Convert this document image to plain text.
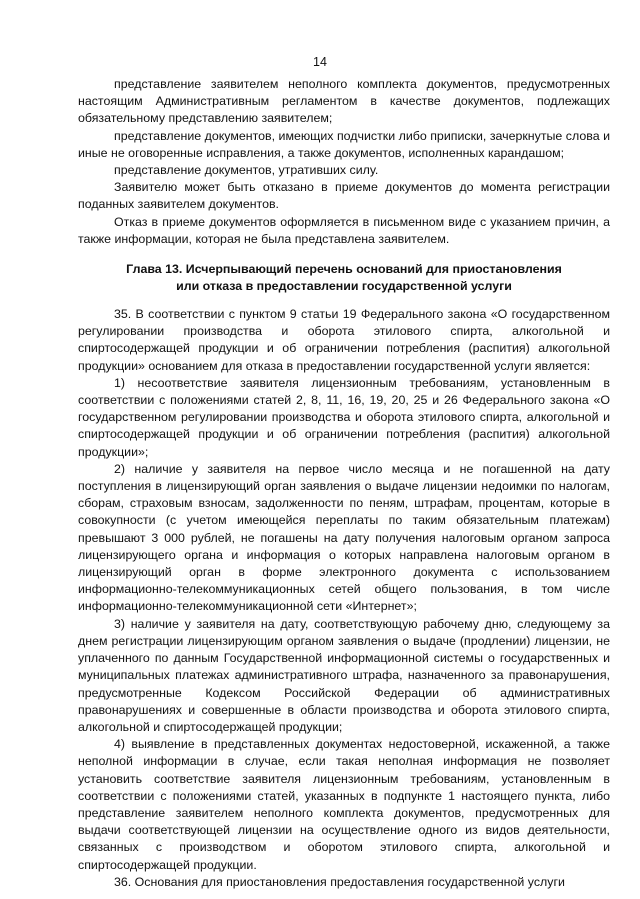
14

представление заявителем неполного комплекта документов, предусмотренных настоящим Административным регламентом в качестве документов, подлежащих обязательному представлению заявителем;

представление документов, имеющих подчистки либо приписки, зачеркнутые слова и иные не оговоренные исправления, а также документов, исполненных карандашом;

представление документов, утративших силу.

Заявителю может быть отказано в приеме документов до момента регистрации поданных заявителем документов.

Отказ в приеме документов оформляется в письменном виде с указанием причин, а также информации, которая не была представлена заявителем.

Глава 13. Исчерпывающий перечень оснований для приостановления
или отказа в предоставлении государственной услуги

35. В соответствии с пунктом 9 статьи 19 Федерального закона «О государственном регулировании производства и оборота этилового спирта, алкогольной и спиртосодержащей продукции и об ограничении потребления (распития) алкогольной продукции» основанием для отказа в предоставлении государственной услуги является:

1) несоответствие заявителя лицензионным требованиям, установленным в соответствии с положениями статей 2, 8, 11, 16, 19, 20, 25 и 26 Федерального закона «О государственном регулировании производства и оборота этилового спирта, алкогольной и спиртосодержащей продукции и об ограничении потребления (распития) алкогольной продукции»;

2) наличие у заявителя на первое число месяца и не погашенной на дату поступления в лицензирующий орган заявления о выдаче лицензии недоимки по налогам, сборам, страховым взносам, задолженности по пеням, штрафам, процентам, которые в совокупности (с учетом имеющейся переплаты по таким обязательным платежам) превышают 3 000 рублей, не погашены на дату получения налоговым органом запроса лицензирующего органа и информация о которых направлена налоговым органом в лицензирующий орган в форме электронного документа с использованием информационно-телекоммуникационных сетей общего пользования, в том числе информационно-телекоммуникационной сети «Интернет»;

3) наличие у заявителя на дату, соответствующую рабочему дню, следующему за днем регистрации лицензирующим органом заявления о выдаче (продлении) лицензии, не уплаченного по данным Государственной информационной системы о государственных и муниципальных платежах административного штрафа, назначенного за правонарушения, предусмотренные Кодексом Российской Федерации об административных правонарушениях и совершенные в области производства и оборота этилового спирта, алкогольной и спиртосодержащей продукции;

4) выявление в представленных документах недостоверной, искаженной, а также неполной информации в случае, если такая неполная информация не позволяет установить соответствие заявителя лицензионным требованиям, установленным в соответствии с положениями статей, указанных в подпункте 1 настоящего пункта, либо представление заявителем неполного комплекта документов, предусмотренных для выдачи соответствующей лицензии на осуществление одного из видов деятельности, связанных с производством и оборотом этилового спирта, алкогольной и спиртосодержащей продукции.

36. Основания для приостановления предоставления государственной услуги
